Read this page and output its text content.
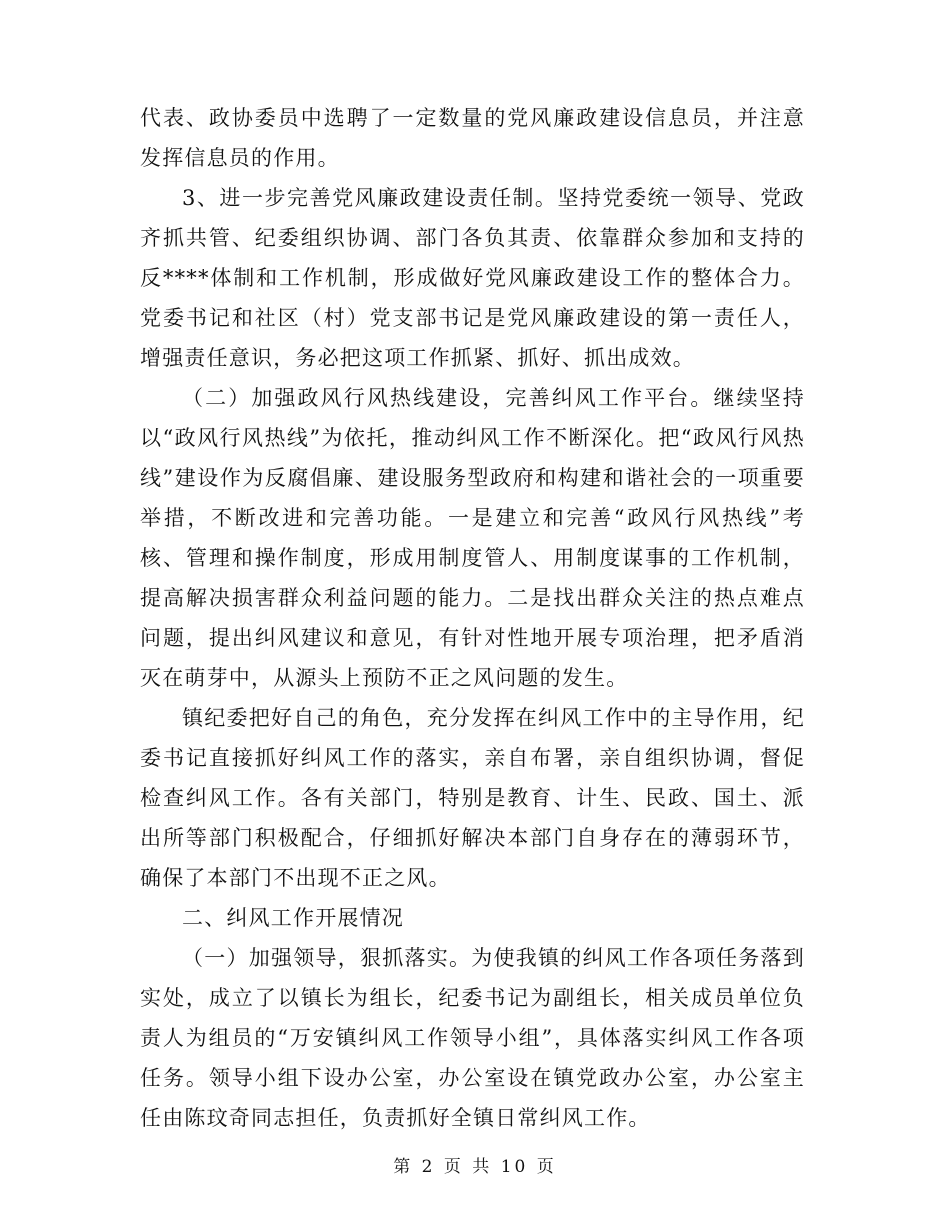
代表、政协委员中选聘了一定数量的党风廉政建设信息员，并注意发挥信息员的作用。

3、进一步完善党风廉政建设责任制。坚持党委统一领导、党政齐抓共管、纪委组织协调、部门各负其责、依靠群众参加和支持的反****体制和工作机制，形成做好党风廉政建设工作的整体合力。党委书记和社区（村）党支部书记是党风廉政建设的第一责任人，增强责任意识，务必把这项工作抓紧、抓好、抓出成效。

（二）加强政风行风热线建设，完善纠风工作平台。继续坚持以“政风行风热线”为依托，推动纠风工作不断深化。把“政风行风热线”建设作为反腐倡廉、建设服务型政府和构建和谐社会的一项重要举措，不断改进和完善功能。一是建立和完善“政风行风热线”考核、管理和操作制度，形成用制度管人、用制度谋事的工作机制，提高解决损害群众利益问题的能力。二是找出群众关注的热点难点问题，提出纠风建议和意见，有针对性地开展专项治理，把矛盾消灭在萌芽中，从源头上预防不正之风问题的发生。

镇纪委把好自己的角色，充分发挥在纠风工作中的主导作用，纪委书记直接抓好纠风工作的落实，亲自布署，亲自组织协调，督促检查纠风工作。各有关部门，特别是教育、计生、民政、国土、派出所等部门积极配合，仔细抓好解决本部门自身存在的薄弱环节，确保了本部门不出现不正之风。

二、纠风工作开展情况

（一）加强领导，狠抓落实。为使我镇的纠风工作各项任务落到实处，成立了以镇长为组长，纪委书记为副组长，相关成员单位负责人为组员的“万安镇纠风工作领导小组”，具体落实纠风工作各项任务。领导小组下设办公室，办公室设在镇党政办公室，办公室主任由陈玟奇同志担任，负责抓好全镇日常纠风工作。

第 2 页 共 10 页
